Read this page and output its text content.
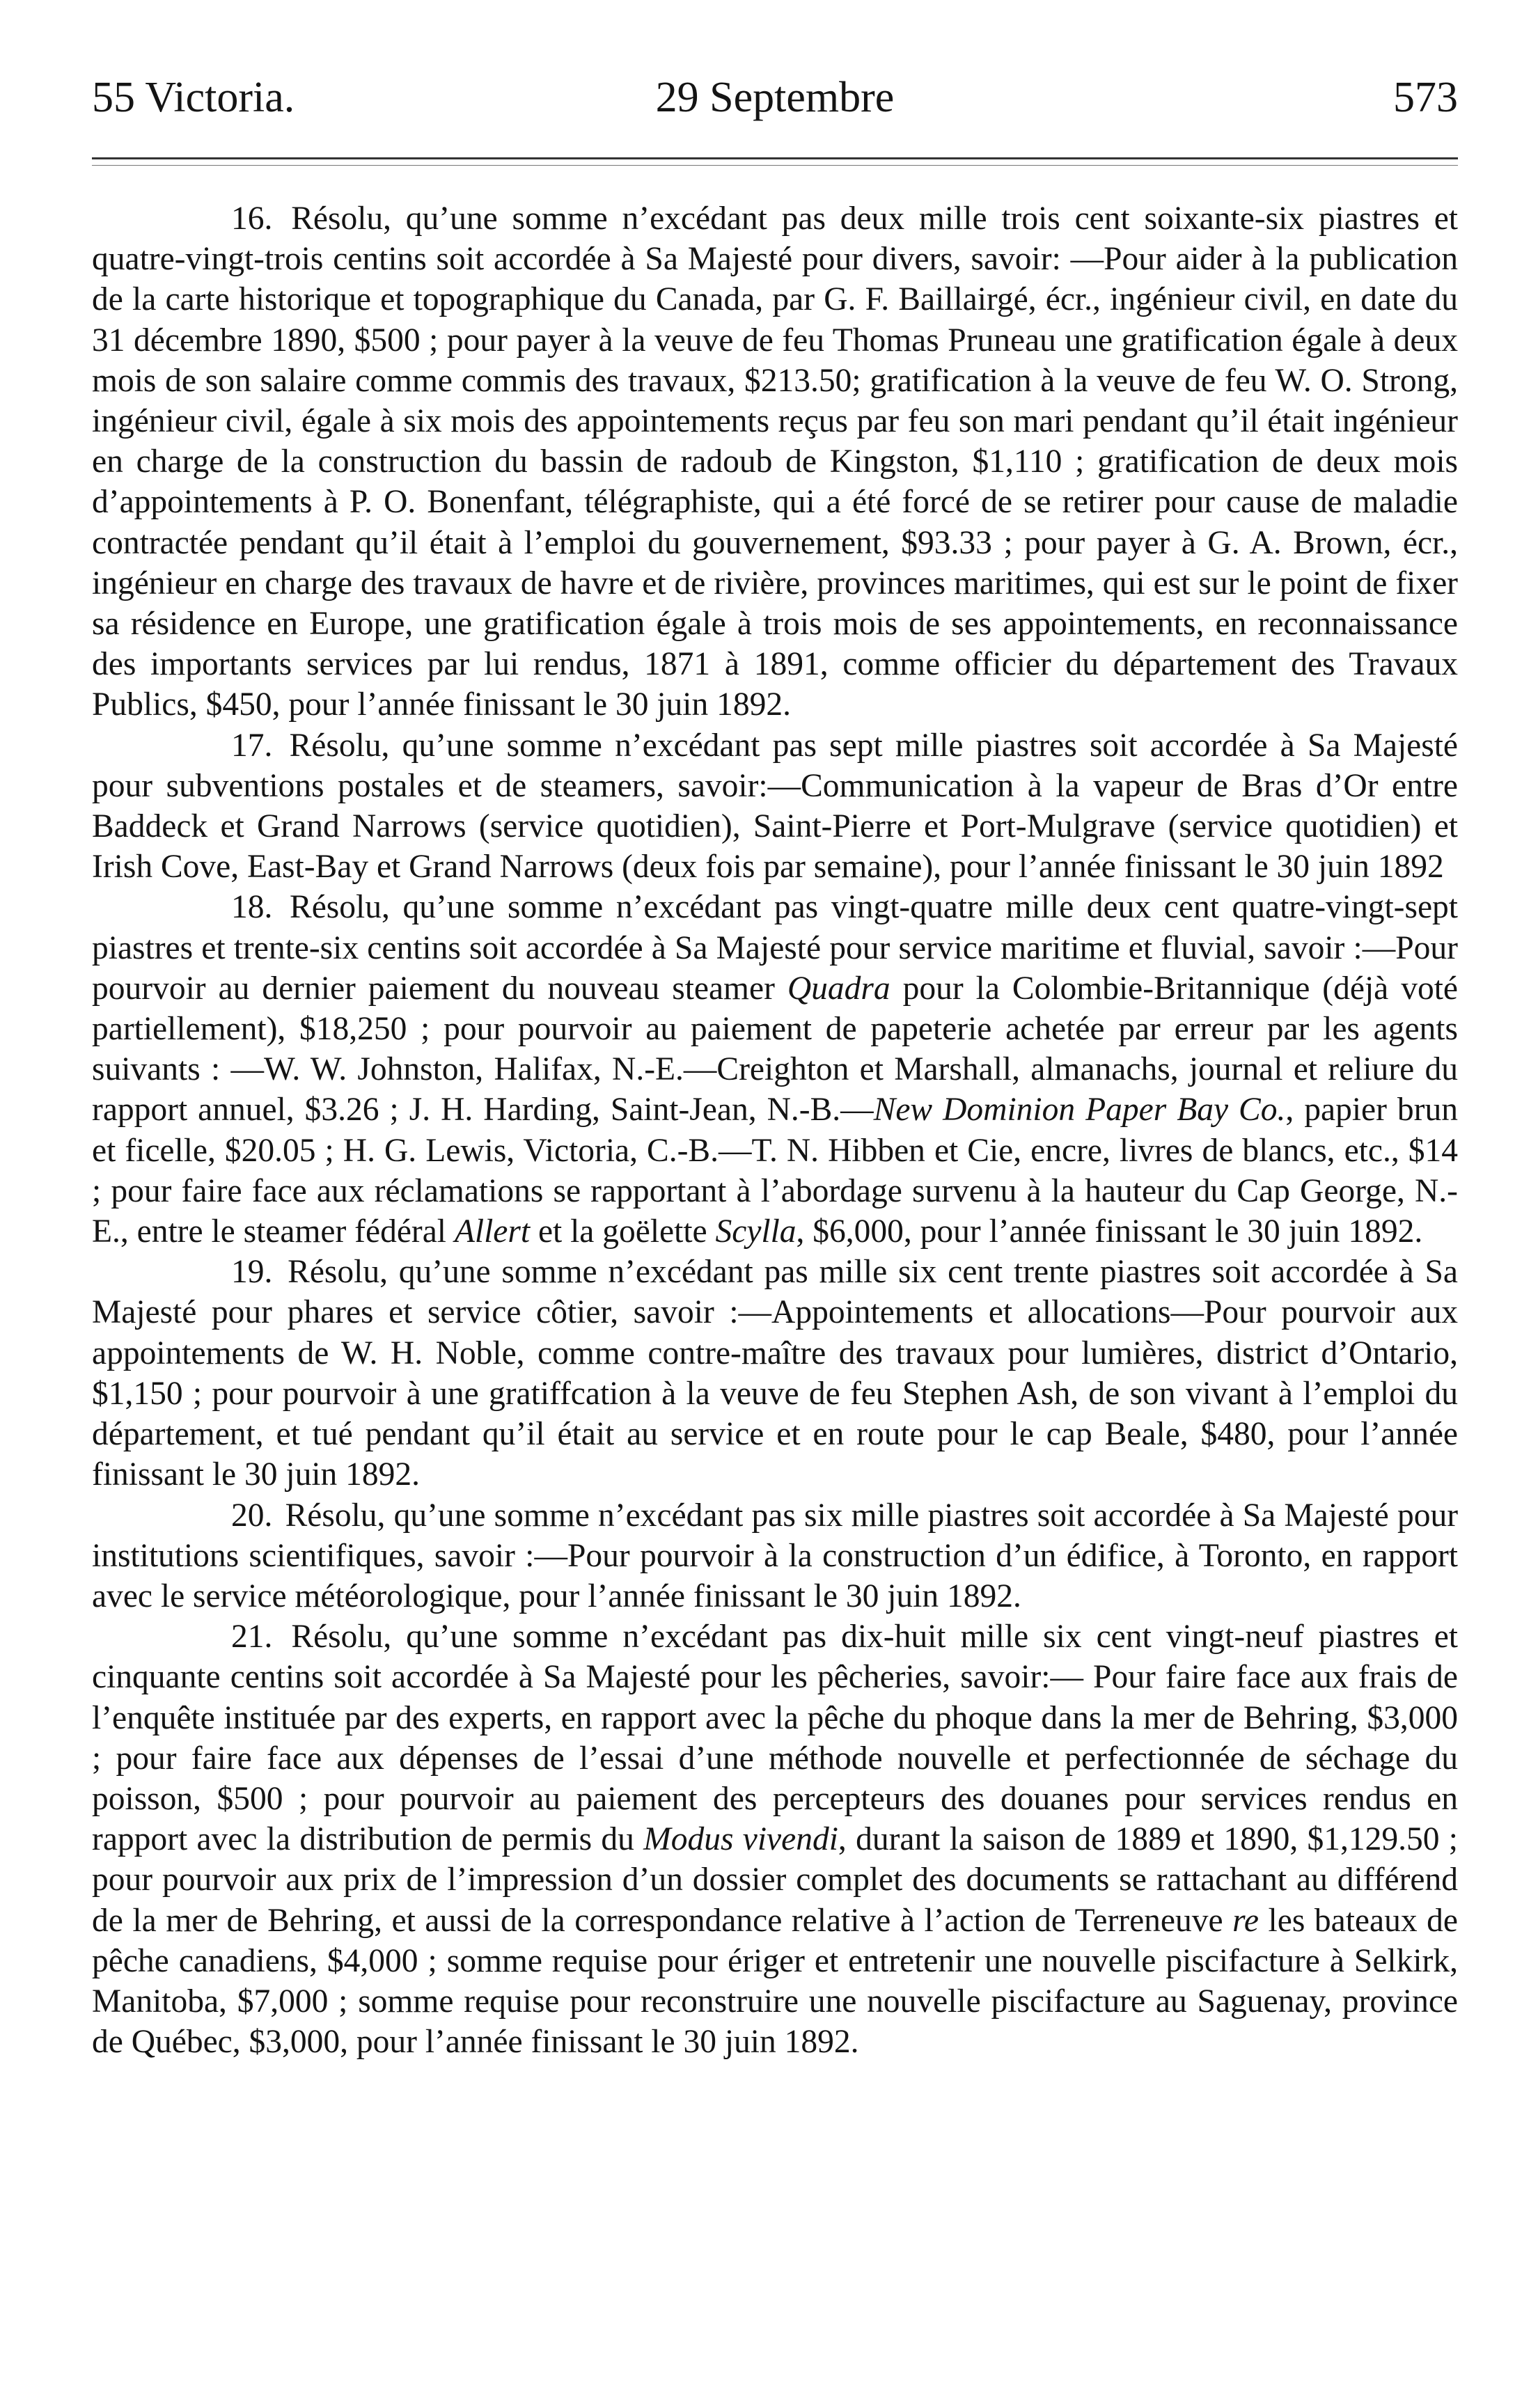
55 Victoria.	29 Septembre	573

16. Résolu, qu’une somme n’excédant pas deux mille trois cent soixante-six piastres et quatre-vingt-trois centins soit accordée à Sa Majesté pour divers, savoir: —Pour aider à la publication de la carte historique et topographique du Canada, par G. F. Baillairgé, écr., ingénieur civil, en date du 31 décembre 1890, $500 ; pour payer à la veuve de feu Thomas Pruneau une gratification égale à deux mois de son salaire comme commis des travaux, $213.50; gratification à la veuve de feu W. O. Strong, ingénieur civil, égale à six mois des appointements reçus par feu son mari pendant qu’il était ingénieur en charge de la construction du bassin de radoub de Kingston, $1,110 ; gratification de deux mois d’appointements à P. O. Bonenfant, télégraphiste, qui a été forcé de se retirer pour cause de maladie contractée pendant qu’il était à l’emploi du gouvernement, $93.33 ; pour payer à G. A. Brown, écr., ingénieur en charge des travaux de havre et de rivière, provinces maritimes, qui est sur le point de fixer sa résidence en Europe, une gratification égale à trois mois de ses appointements, en reconnaissance des importants services par lui rendus, 1871 à 1891, comme officier du département des Travaux Publics, $450, pour l’année finissant le 30 juin 1892.

17. Résolu, qu’une somme n’excédant pas sept mille piastres soit accordée à Sa Majesté pour subventions postales et de steamers, savoir:—Communication à la vapeur de Bras d’Or entre Baddeck et Grand Narrows (service quotidien), Saint-Pierre et Port-Mulgrave (service quotidien) et Irish Cove, East-Bay et Grand Narrows (deux fois par semaine), pour l’année finissant le 30 juin 1892

18. Résolu, qu’une somme n’excédant pas vingt-quatre mille deux cent quatre-vingt-sept piastres et trente-six centins soit accordée à Sa Majesté pour service maritime et fluvial, savoir :—Pour pourvoir au dernier paiement du nouveau steamer Quadra pour la Colombie-Britannique (déjà voté partiellement), $18,250 ; pour pourvoir au paiement de papeterie achetée par erreur par les agents suivants : —W. W. Johnston, Halifax, N.-E.—Creighton et Marshall, almanachs, journal et reliure du rapport annuel, $3.26 ; J. H. Harding, Saint-Jean, N.-B.—New Dominion Paper Bay Co., papier brun et ficelle, $20.05 ; H. G. Lewis, Victoria, C.-B.—T. N. Hibben et Cie, encre, livres de blancs, etc., $14 ; pour faire face aux réclamations se rapportant à l’abordage survenu à la hauteur du Cap George, N.-E., entre le steamer fédéral Allert et la goëlette Scylla, $6,000, pour l’année finissant le 30 juin 1892.

19. Résolu, qu’une somme n’excédant pas mille six cent trente piastres soit accordée à Sa Majesté pour phares et service côtier, savoir :—Appointements et allocations—Pour pourvoir aux appointements de W. H. Noble, comme contre-maître des travaux pour lumières, district d’Ontario, $1,150 ; pour pourvoir à une gratiffcation à la veuve de feu Stephen Ash, de son vivant à l’emploi du département, et tué pendant qu’il était au service et en route pour le cap Beale, $480, pour l’année finissant le 30 juin 1892.

20. Résolu, qu’une somme n’excédant pas six mille piastres soit accordée à Sa Majesté pour institutions scientifiques, savoir :—Pour pourvoir à la construction d’un édifice, à Toronto, en rapport avec le service météorologique, pour l’année finissant le 30 juin 1892.

21. Résolu, qu’une somme n’excédant pas dix-huit mille six cent vingt-neuf piastres et cinquante centins soit accordée à Sa Majesté pour les pêcheries, savoir:— Pour faire face aux frais de l’enquête instituée par des experts, en rapport avec la pêche du phoque dans la mer de Behring, $3,000 ; pour faire face aux dépenses de l’essai d’une méthode nouvelle et perfectionnée de séchage du poisson, $500 ; pour pourvoir au paiement des percepteurs des douanes pour services rendus en rapport avec la distribution de permis du Modus vivendi, durant la saison de 1889 et 1890, $1,129.50 ; pour pourvoir aux prix de l’impression d’un dossier complet des documents se rattachant au différend de la mer de Behring, et aussi de la correspondance relative à l’action de Terreneuve re les bateaux de pêche canadiens, $4,000 ; somme requise pour ériger et entretenir une nouvelle piscifacture à Selkirk, Manitoba, $7,000 ; somme requise pour reconstruire une nouvelle piscifacture au Saguenay, province de Québec, $3,000, pour l’année finissant le 30 juin 1892.
